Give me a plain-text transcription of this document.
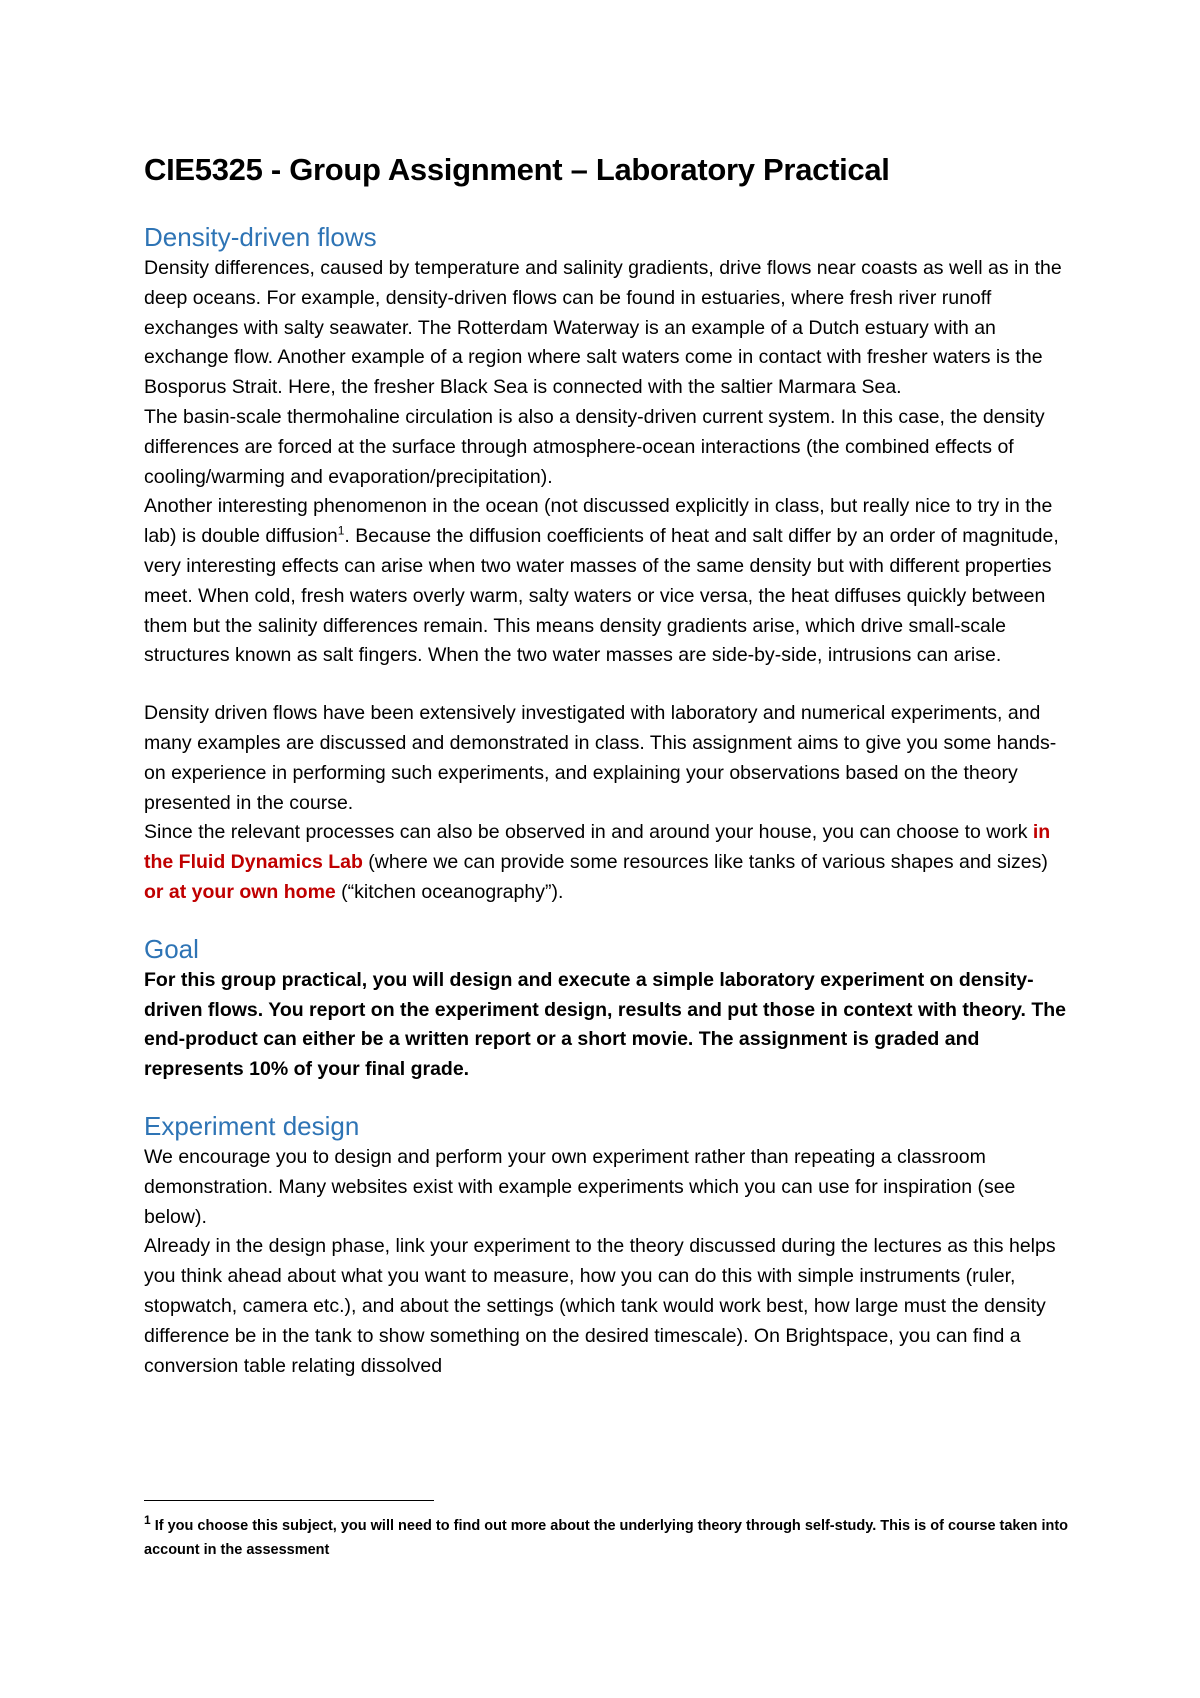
CIE5325 - Group Assignment – Laboratory Practical
Density-driven flows

Density differences, caused by temperature and salinity gradients, drive flows near coasts as well as in the deep oceans. For example, density-driven flows can be found in estuaries, where fresh river runoff exchanges with salty seawater. The Rotterdam Waterway is an example of a Dutch estuary with an exchange flow. Another example of a region where salt waters come in contact with fresher waters is the Bosporus Strait. Here, the fresher Black Sea is connected with the saltier Marmara Sea.

The basin-scale thermohaline circulation is also a density-driven current system. In this case, the density differences are forced at the surface through atmosphere-ocean interactions (the combined effects of cooling/warming and evaporation/precipitation).

Another interesting phenomenon in the ocean (not discussed explicitly in class, but really nice to try in the lab) is double diffusion$^1$. Because the diffusion coefficients of heat and salt differ by an order of magnitude, very interesting effects can arise when two water masses of the same density but with different properties meet. When cold, fresh waters overly warm, salty waters or vice versa, the heat diffuses quickly between them but the salinity differences remain. This means density gradients arise, which drive small-scale structures known as salt fingers. When the two water masses are side-by-side, intrusions can arise.

Density driven flows have been extensively investigated with laboratory and numerical experiments, and many examples are discussed and demonstrated in class. This assignment aims to give you some hands-on experience in performing such experiments, and explaining your observations based on the theory presented in the course.

Since the relevant processes can also be observed in and around your house, you can choose to work in the Fluid Dynamics Lab (where we can provide some resources like tanks of various shapes and sizes) or at your own home (“kitchen oceanography”).

Goal

For this group practical, you will design and execute a simple laboratory experiment on density-driven flows. You report on the experiment design, results and put those in context with theory. The end-product can either be a written report or a short movie. The assignment is graded and represents 10% of your final grade.

Experiment design

We encourage you to design and perform your own experiment rather than repeating a classroom demonstration. Many websites exist with example experiments which you can use for inspiration (see below).

Already in the design phase, link your experiment to the theory discussed during the lectures as this helps you think ahead about what you want to measure, how you can do this with simple instruments (ruler, stopwatch, camera etc.), and about the settings (which tank would work best, how large must the density difference be in the tank to show something on the desired timescale). On Brightspace, you can find a conversion table relating dissolved

$^1$ If you choose this subject, you will need to find out more about the underlying theory through self-study. This is of course taken into account in the assessment
